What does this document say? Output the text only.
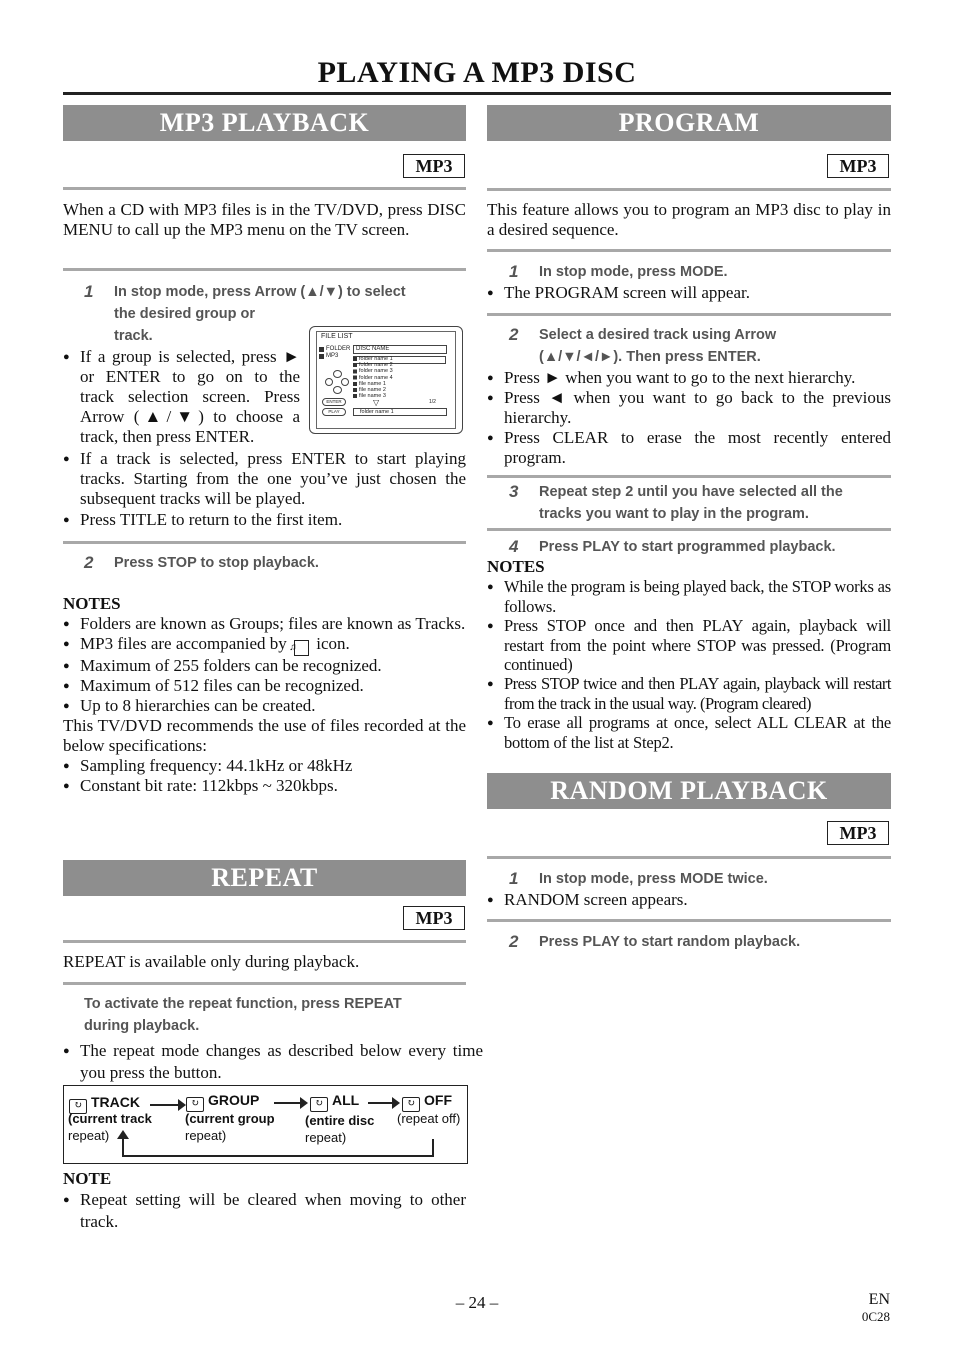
PLAYING A MP3 DISC
MP3 PLAYBACK
MP3
When a CD with MP3 files is in the TV/DVD, press DISC MENU to call up the MP3 menu on the TV screen.
1 In stop mode, press Arrow (▲/▼) to select
the desired group or
track.	FILE LIST
FOLDER
MP3
DISC NAME
folder name 1
folder name 2
folder name 3
folder name 4
file name 1
file name 2
file name 3
▽	1/2
folder name 1
ENTER
PLAY
● If a group is selected, press ►
or ENTER to go on to the
track selection screen. Press
Arrow (▲/▼) to choose a
track, then press ENTER.
● If a track is selected, press ENTER to start playing tracks. Starting from the one you’ve just chosen the subsequent tracks will be played.
● Press TITLE to return to the first item.
2 Press STOP to stop playback.
NOTES
● Folders are known as Groups; files are known as Tracks.
● MP3 files are accompanied by ♫ icon.
● Maximum of 255 folders can be recognized.
● Maximum of 512 files can be recognized.
● Up to 8 hierarchies can be created.
This TV/DVD recommends the use of files recorded at the below specifications:
● Sampling frequency: 44.1kHz or 48kHz
● Constant bit rate: 112kbps ~ 320kbps.
REPEAT
MP3
REPEAT is available only during playback.
To activate the repeat function, press REPEAT
during playback.
● The repeat mode changes as described below every time you press the button.
↻ TRACK
(current track
repeat)
↻ GROUP
(current group
repeat)
↻ ALL
(entire disc
repeat)
↻ OFF
(repeat off)
NOTE
● Repeat setting will be cleared when moving to other track.
PROGRAM
MP3
This feature allows you to program an MP3 disc to play in a desired sequence.
1 In stop mode, press MODE.
● The PROGRAM screen will appear.
2 Select a desired track using Arrow
(▲/▼/◄/►). Then press ENTER.
● Press ► when you want to go to the next hierarchy.
● Press ◄ when you want to go back to the previous hierarchy.
● Press CLEAR to erase the most recently entered program.
3 Repeat step 2 until you have selected all the
tracks you want to play in the program.
4 Press PLAY to start programmed playback.
NOTES
● While the program is being played back, the STOP works as follows.
● Press STOP once and then PLAY again, playback will restart from the point where STOP was pressed. (Program continued)
● Press STOP twice and then PLAY again, playback will restart from the track in the usual way. (Program cleared)
● To erase all programs at once, select ALL CLEAR at the bottom of the list at Step2.
RANDOM PLAYBACK
MP3
1 In stop mode, press MODE twice.
● RANDOM screen appears.
2 Press PLAY to start random playback.
– 24 –	EN
0C28
